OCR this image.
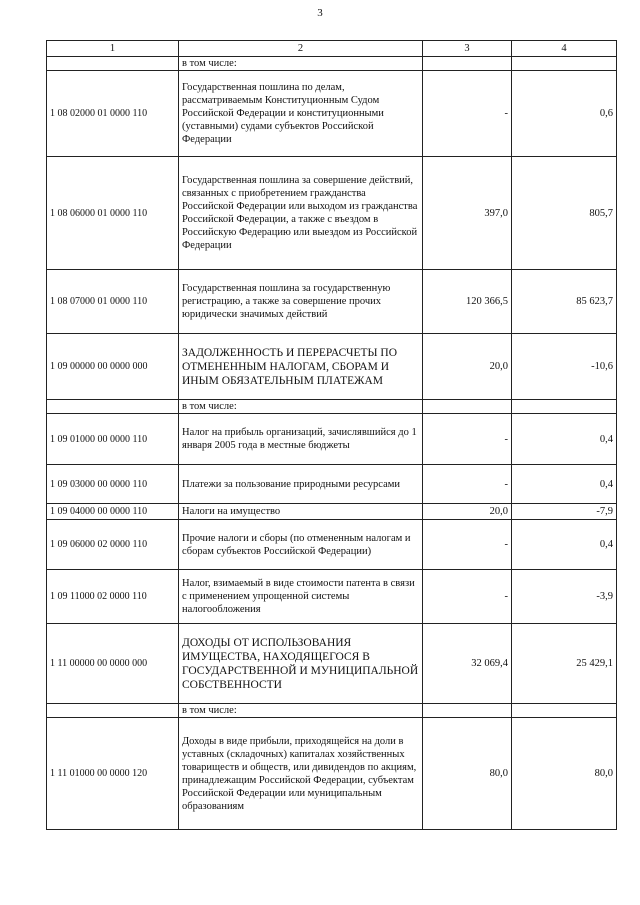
3
1	2	3	4
	в том числе:		
1 08 02000 01 0000 110	Государственная пошлина по делам, рассматриваемым Конституционным Судом Российской Федерации и конституционными (уставными) судами субъектов Российской Федерации	-	0,6
1 08 06000 01 0000 110	Государственная пошлина за совершение действий, связанных с приобретением гражданства Российской Федерации или выходом из гражданства Российской Федерации, а также с въездом в Российскую Федерацию или выездом из Российской Федерации	397,0	805,7
1 08 07000 01 0000 110	Государственная пошлина за государственную регистрацию, а также за совершение прочих юридически значимых действий	120 366,5	85 623,7
1 09 00000 00 0000 000	ЗАДОЛЖЕННОСТЬ И ПЕРЕРАСЧЕТЫ ПО ОТМЕНЕННЫМ НАЛОГАМ, СБОРАМ И ИНЫМ ОБЯЗАТЕЛЬНЫМ ПЛАТЕЖАМ	20,0	-10,6
	в том числе:		
1 09 01000 00 0000 110	Налог на прибыль организаций, зачислявшийся до 1 января 2005 года в местные бюджеты	-	0,4
1 09 03000 00 0000 110	Платежи за пользование природными ресурсами	-	0,4
1 09 04000 00 0000 110	Налоги на имущество	20,0	-7,9
1 09 06000 02 0000 110	Прочие налоги и сборы (по отмененным налогам и сборам субъектов Российской Федерации)	-	0,4
1 09 11000 02 0000 110	Налог, взимаемый в виде стоимости патента в связи с применением упрощенной системы налогообложения	-	-3,9
1 11 00000 00 0000 000	ДОХОДЫ ОТ ИСПОЛЬЗОВАНИЯ ИМУЩЕСТВА, НАХОДЯЩЕГОСЯ В ГОСУДАРСТВЕННОЙ И МУНИЦИПАЛЬНОЙ СОБСТВЕННОСТИ	32 069,4	25 429,1
	в том числе:		
1 11 01000 00 0000 120	Доходы в виде прибыли, приходящейся на доли в уставных (складочных) капиталах хозяйственных товариществ и обществ, или дивидендов по акциям, принадлежащим Российской Федерации, субъектам Российской Федерации или муниципальным образованиям	80,0	80,0
